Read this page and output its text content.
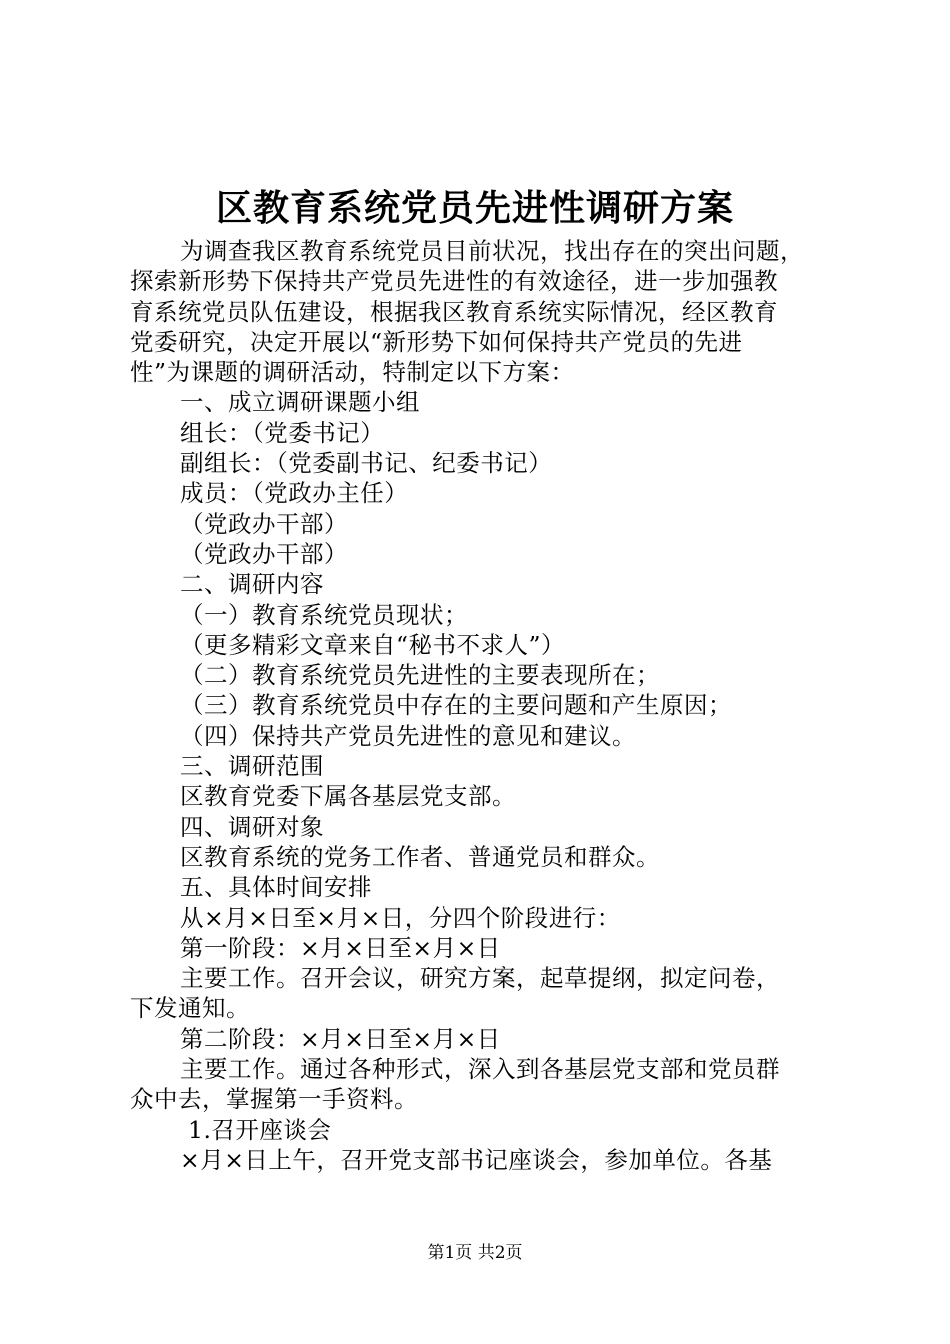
区教育系统党员先进性调研方案
为调查我区教育系统党员目前状况，找出存在的突出问题，
探索新形势下保持共产党员先进性的有效途径，进一步加强教
育系统党员队伍建设，根据我区教育系统实际情况，经区教育
党委研究，决定开展以“新形势下如何保持共产党员的先进
性”为课题的调研活动，特制定以下方案：
一、成立调研课题小组
组长：（党委书记）
副组长：（党委副书记、纪委书记）
成员：（党政办主任）
（党政办干部）
（党政办干部）
二、调研内容
（一）教育系统党员现状；
（更多精彩文章来自“秘书不求人”）
（二）教育系统党员先进性的主要表现所在；
（三）教育系统党员中存在的主要问题和产生原因；
（四）保持共产党员先进性的意见和建议。
三、调研范围
区教育党委下属各基层党支部。
四、调研对象
区教育系统的党务工作者、普通党员和群众。
五、具体时间安排
从×月×日至×月×日，分四个阶段进行：
第一阶段：×月×日至×月×日
主要工作。召开会议，研究方案，起草提纲，拟定问卷，
下发通知。
第二阶段：×月×日至×月×日
主要工作。通过各种形式，深入到各基层党支部和党员群
众中去，掌握第一手资料。
1.召开座谈会
×月×日上午，召开党支部书记座谈会，参加单位。各基
第1页 共2页
